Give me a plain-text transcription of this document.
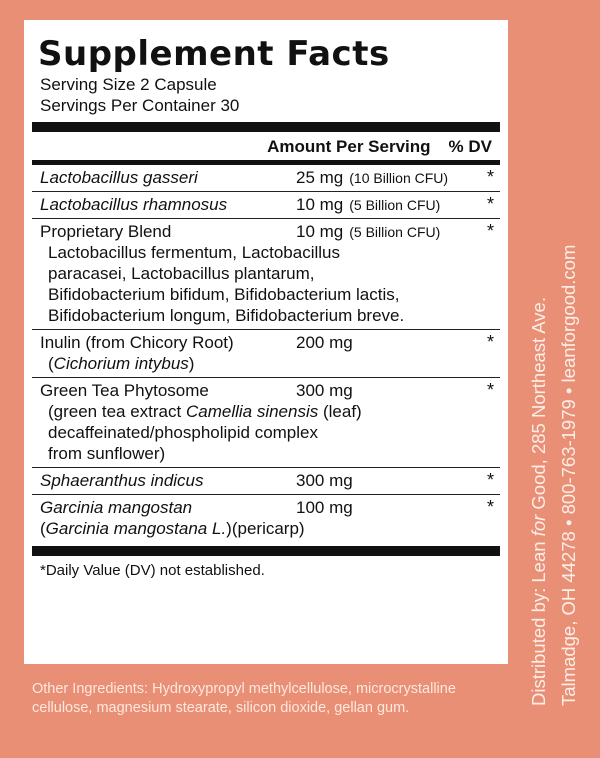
Supplement Facts
Serving Size 2 Capsule
Servings Per Container 30
Amount Per Serving % DV
Lactobacillus gasseri	25 mg (10 Billion CFU) *
Lactobacillus rhamnosus	10 mg (5 Billion CFU)	*
Proprietary Blend	10 mg (5 Billion CFU)	*
Lactobacillus fermentum, Lactobacillus
paracasei, Lactobacillus plantarum,
Bifidobacterium bifidum, Bifidobacterium lactis,
Bifidobacterium longum, Bifidobacterium breve.
Inulin (from Chicory Root)	200 mg	*
(Cichorium intybus)
Green Tea Phytosome	300 mg	*
(green tea extract Camellia sinensis (leaf)
decaffeinated/phospholipid complex
from sunflower)
Sphaeranthus indicus	300 mg	*
Garcinia mangostan	100 mg	*
(Garcinia mangostana L.)(pericarp)
*Daily Value (DV) not established.
Other Ingredients: Hydroxypropyl methylcellulose, microcrystalline cellulose, magnesium stearate, silicon dioxide, gellan gum.
Distributed by: Lean for Good, 285 Northeast Ave. Talmadge, OH 44278 • 800-763-1979 • leanforgood.com
